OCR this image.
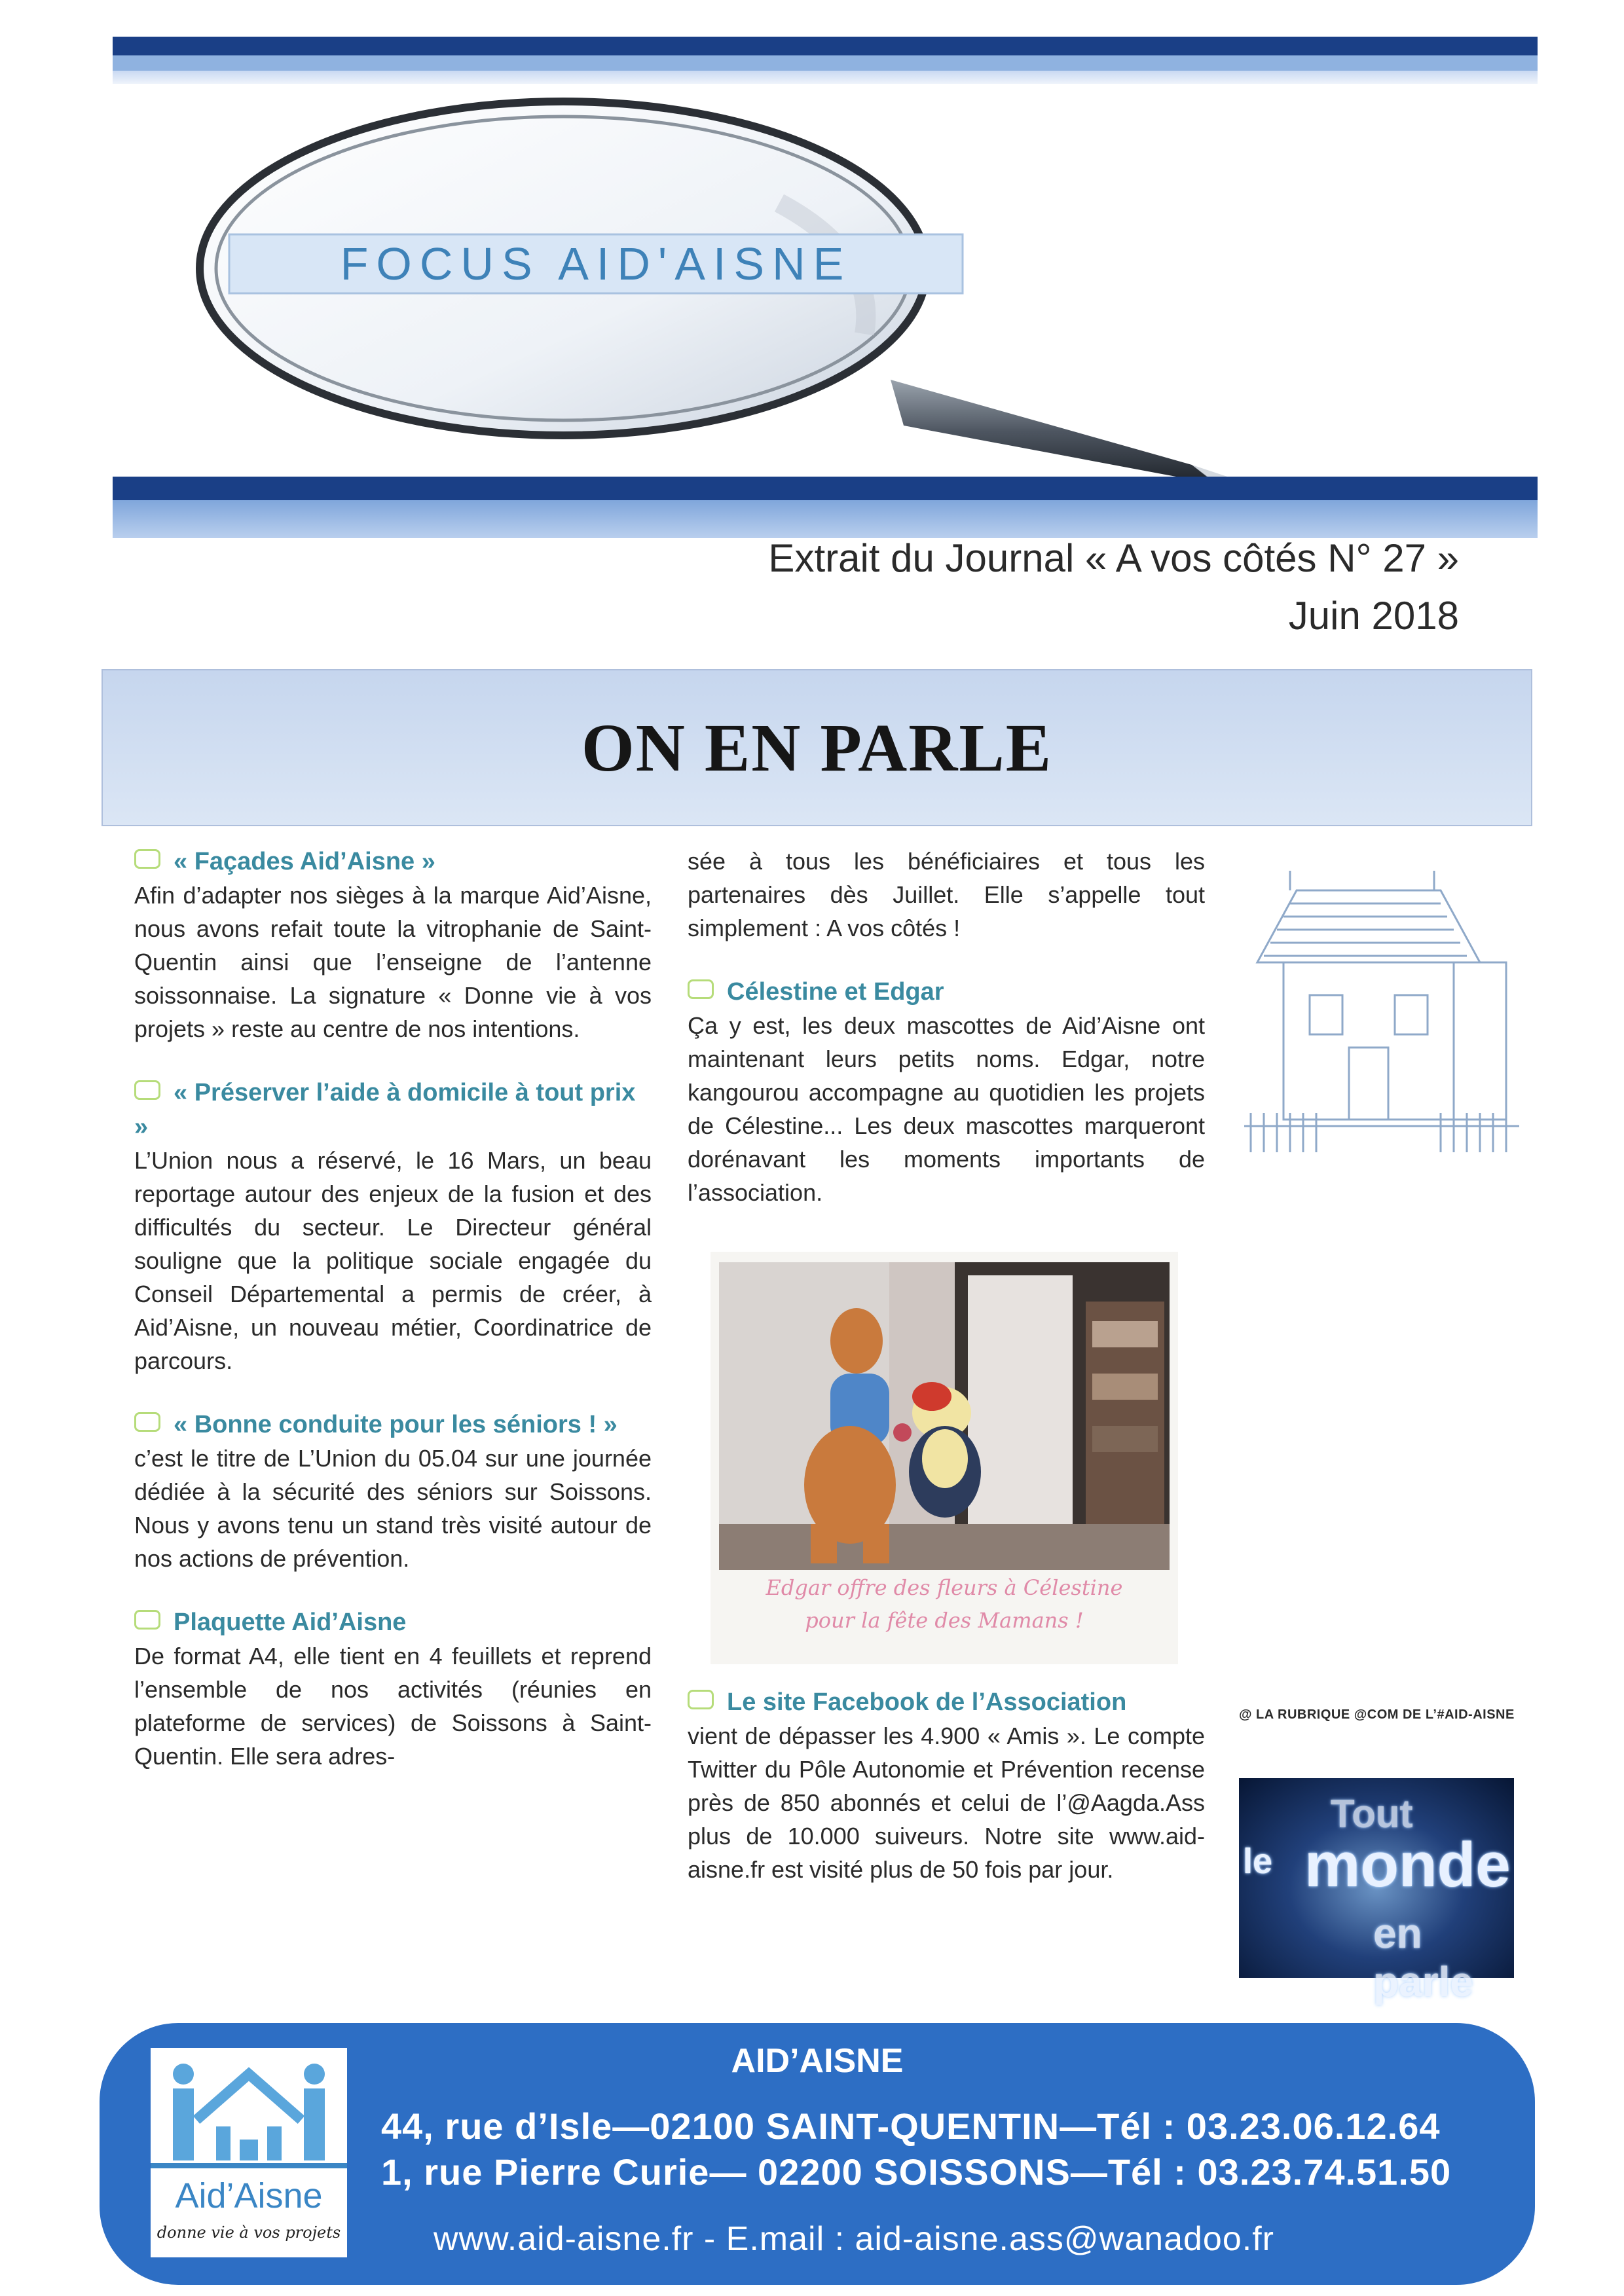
FOCUS AID'AISNE
Extrait du Journal « A vos côtés N° 27 »
Juin 2018
ON EN PARLE
« Façades Aid’Aisne »

Afin d’adapter nos sièges à la marque Aid’Aisne, nous avons refait toute la vitrophanie de Saint-Quentin ainsi que l’enseigne de l’antenne soissonnaise. La signature « Donne vie à vos projets » reste au centre de nos intentions.

« Préserver l’aide à domicile à tout prix »

L’Union nous a réservé, le 16 Mars, un beau reportage autour des enjeux de la fusion et des difficultés du secteur. Le Directeur général souligne que la politique sociale engagée du Conseil Départemental a permis de créer, à Aid’Aisne, un nouveau métier, Coordinatrice de parcours.

« Bonne conduite pour les séniors ! »

c’est le titre de L’Union du 05.04 sur une journée dédiée à la sécurité des séniors sur Soissons. Nous y avons tenu un stand très visité autour de nos actions de prévention.

Plaquette Aid’Aisne

De format A4, elle tient en 4 feuillets et reprend l’ensemble de nos activités (réunies en plateforme de services) de Soissons à Saint-Quentin. Elle sera adres-

sée à tous les bénéficiaires et tous les partenaires dès Juillet. Elle s’appelle tout simplement : A vos côtés !

Célestine et Edgar

Ça y est, les deux mascottes de Aid’Aisne ont maintenant leurs petits noms. Edgar, notre kangourou accompagne au quotidien les projets de Célestine... Les deux mascottes marqueront dorénavant les moments importants de l’association.

Edgar offre des fleurs à Célestine
pour la fête des Mamans !
Le site Facebook de l’Association

vient de dépasser les 4.900 « Amis ». Le compte Twitter du Pôle Autonomie et Prévention recense près de 850 abonnés et celui de l’@Aagda.Ass plus de 10.000 suiveurs. Notre site www.aid-aisne.fr est visité plus de 50 fois par jour.

@ LA RUBRIQUE @COM DE L’#AID-AISNE
Tout
le monde
en parle
AID’AISNE
44, rue d’Isle—02100 SAINT-QUENTIN—Tél : 03.23.06.12.64
1, rue Pierre Curie— 02200 SOISSONS—Tél : 03.23.74.51.50
www.aid-aisne.fr - E.mail : aid-aisne.ass@wanadoo.fr
Aid’Aisne
donne vie à vos projets
